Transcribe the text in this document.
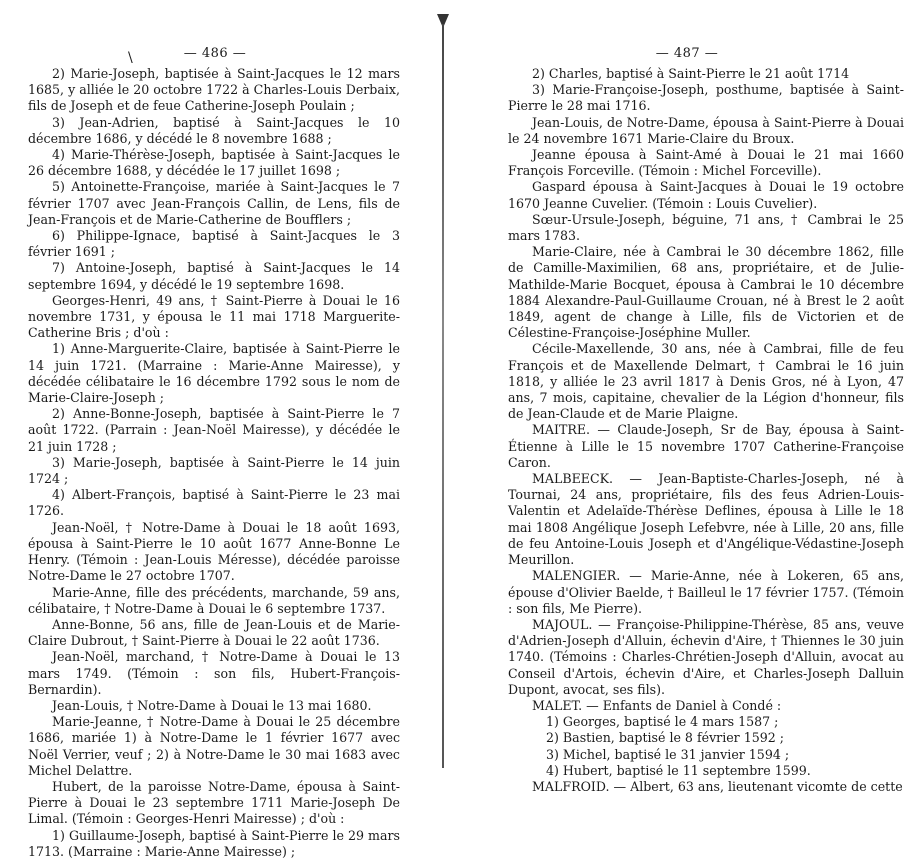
\	— 486 —

2) Marie-Joseph, baptisée à Saint-Jacques le 12 mars 1685, y alliée le 20 octobre 1722 à Charles-Louis Derbaix, fils de Joseph et de feue Catherine-Joseph Poulain ;

3) Jean-Adrien, baptisé à Saint-Jacques le 10 décembre 1686, y décédé le 8 novembre 1688 ;

4) Marie-Thérèse-Joseph, baptisée à Saint-Jacques le 26 décembre 1688, y décédée le 17 juillet 1698 ;

5) Antoinette-Françoise, mariée à Saint-Jacques le 7 février 1707 avec Jean-François Callin, de Lens, fils de Jean-François et de Marie-Catherine de Boufflers ;

6) Philippe-Ignace, baptisé à Saint-Jacques le 3 février 1691 ;

7) Antoine-Joseph, baptisé à Saint-Jacques le 14 septembre 1694, y décédé le 19 septembre 1698.

Georges-Henri, 49 ans, † Saint-Pierre à Douai le 16 novembre 1731, y épousa le 11 mai 1718 Marguerite-Catherine Bris ; d'où :

1) Anne-Marguerite-Claire, baptisée à Saint-Pierre le 14 juin 1721. (Marraine : Marie-Anne Mairesse), y décédée célibataire le 16 décembre 1792 sous le nom de Marie-Claire-Joseph ;

2) Anne-Bonne-Joseph, baptisée à Saint-Pierre le 7 août 1722. (Parrain : Jean-Noël Mairesse), y décédée le 21 juin 1728 ;

3) Marie-Joseph, baptisée à Saint-Pierre le 14 juin 1724 ;

4) Albert-François, baptisé à Saint-Pierre le 23 mai 1726.

Jean-Noël, † Notre-Dame à Douai le 18 août 1693, épousa à Saint-Pierre le 10 août 1677 Anne-Bonne Le Henry. (Témoin : Jean-Louis Méresse), décédée paroisse Notre-Dame le 27 octobre 1707.

Marie-Anne, fille des précédents, marchande, 59 ans, célibataire, † Notre-Dame à Douai le 6 septembre 1737.

Anne-Bonne, 56 ans, fille de Jean-Louis et de Marie-Claire Dubrout, † Saint-Pierre à Douai le 22 août 1736.

Jean-Noël, marchand, † Notre-Dame à Douai le 13 mars 1749. (Témoin : son fils, Hubert-François-Bernardin).

Jean-Louis, † Notre-Dame à Douai le 13 mai 1680.

Marie-Jeanne, † Notre-Dame à Douai le 25 décembre 1686, mariée 1) à Notre-Dame le 1 février 1677 avec Noël Verrier, veuf ; 2) à Notre-Dame le 30 mai 1683 avec Michel Delattre.

Hubert, de la paroisse Notre-Dame, épousa à Saint-Pierre à Douai le 23 septembre 1711 Marie-Joseph De Limal. (Témoin : Georges-Henri Mairesse) ; d'où :

1) Guillaume-Joseph, baptisé à Saint-Pierre le 29 mars 1713. (Marraine : Marie-Anne Mairesse) ;

— 487 —

2) Charles, baptisé à Saint-Pierre le 21 août 1714

3) Marie-Françoise-Joseph, posthume, baptisée à Saint-Pierre le 28 mai 1716.

Jean-Louis, de Notre-Dame, épousa à Saint-Pierre à Douai le 24 novembre 1671 Marie-Claire du Broux.

Jeanne épousa à Saint-Amé à Douai le 21 mai 1660 François Forceville. (Témoin : Michel Forceville).

Gaspard épousa à Saint-Jacques à Douai le 19 octobre 1670 Jeanne Cuvelier. (Témoin : Louis Cuvelier).

Sœur-Ursule-Joseph, béguine, 71 ans, † Cambrai le 25 mars 1783.

Marie-Claire, née à Cambrai le 30 décembre 1862, fille de Camille-Maximilien, 68 ans, propriétaire, et de Julie-Mathilde-Marie Bocquet, épousa à Cambrai le 10 décembre 1884 Alexandre-Paul-Guillaume Crouan, né à Brest le 2 août 1849, agent de change à Lille, fils de Victorien et de Célestine-Françoise-Joséphine Muller.

Cécile-Maxellende, 30 ans, née à Cambrai, fille de feu François et de Maxellende Delmart, † Cambrai le 16 juin 1818, y alliée le 23 avril 1817 à Denis Gros, né à Lyon, 47 ans, 7 mois, capitaine, chevalier de la Légion d'honneur, fils de Jean-Claude et de Marie Plaigne.

MAITRE. — Claude-Joseph, Sr de Bay, épousa à Saint-Étienne à Lille le 15 novembre 1707 Catherine-Françoise Caron.

MALBEECK. — Jean-Baptiste-Charles-Joseph, né à Tournai, 24 ans, propriétaire, fils des feus Adrien-Louis-Valentin et Adelaïde-Thérèse Deflines, épousa à Lille le 18 mai 1808 Angélique Joseph Lefebvre, née à Lille, 20 ans, fille de feu Antoine-Louis Joseph et d'Angélique-Védastine-Joseph Meurillon.

MALENGIER. — Marie-Anne, née à Lokeren, 65 ans, épouse d'Olivier Baelde, † Bailleul le 17 février 1757. (Témoin : son fils, Me Pierre).

MAJOUL. — Françoise-Philippine-Thérèse, 85 ans, veuve d'Adrien-Joseph d'Alluin, échevin d'Aire, † Thiennes le 30 juin 1740. (Témoins : Charles-Chrétien-Joseph d'Alluin, avocat au Conseil d'Artois, échevin d'Aire, et Charles-Joseph Dalluin Dupont, avocat, ses fils).

MALET. — Enfants de Daniel à Condé :

1) Georges, baptisé le 4 mars 1587 ;

2) Bastien, baptisé le 8 février 1592 ;

3) Michel, baptisé le 31 janvier 1594 ;

4) Hubert, baptisé le 11 septembre 1599.

MALFROID. — Albert, 63 ans, lieutenant vicomte de cette
